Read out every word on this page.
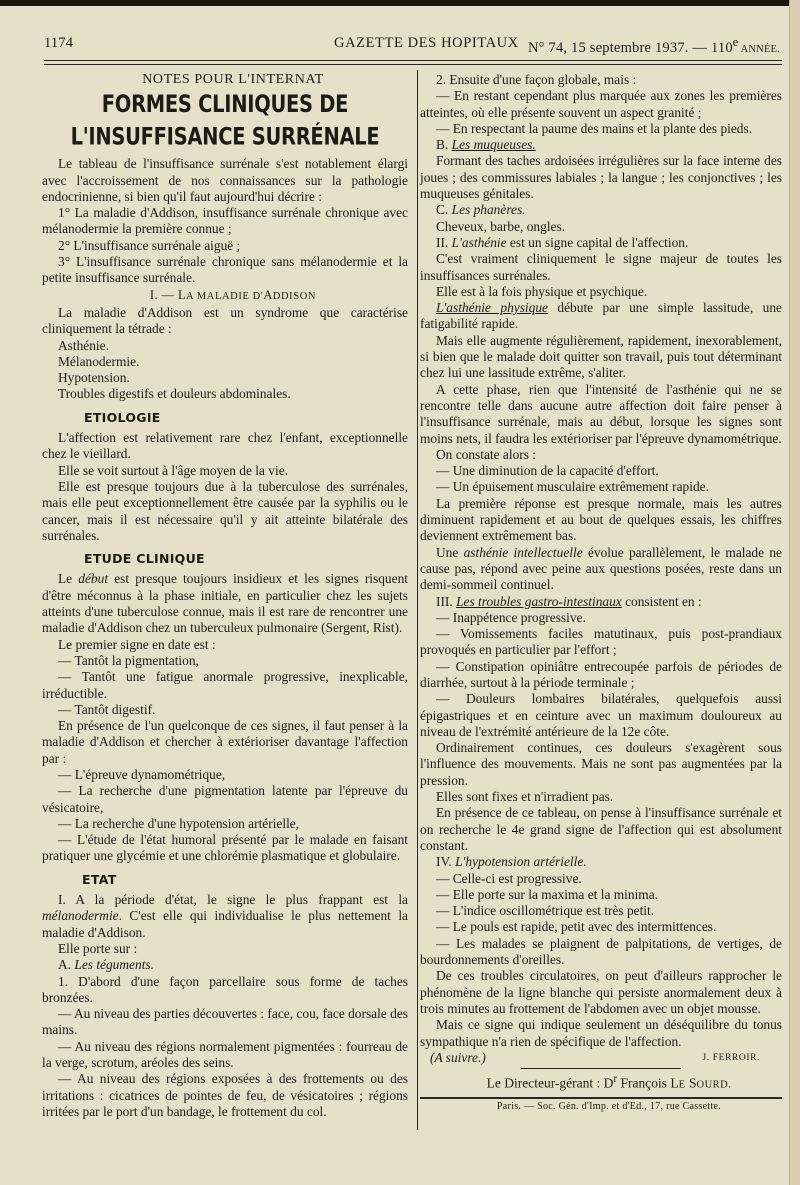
1174	GAZETTE DES HOPITAUX N° 74, 15 septembre 1937. — 110e ANNÉE.

NOTES POUR L'INTERNAT

FORMES CLINIQUES DE L'INSUFFISANCE SURRÉNALE

Le tableau de l'insuffisance surrénale s'est notablement élargi avec l'accroissement de nos connaissances sur la pathologie endocrinienne, si bien qu'il faut aujourd'hui décrire :

1° La maladie d'Addison, insuffisance surrénale chronique avec mélanodermie la première connue ;

2° L'insuffisance surrénale aiguë ;

3° L'insuffisance surrénale chronique sans mélanodermie et la petite insuffisance surrénale.

I. — LA MALADIE D'ADDISON

La maladie d'Addison est un syndrome que caractérise cliniquement la tétrade :

Asthénie.

Mélanodermie.

Hypotension.

Troubles digestifs et douleurs abdominales.

ETIOLOGIE

L'affection est relativement rare chez l'enfant, exceptionnelle chez le vieillard.

Elle se voit surtout à l'âge moyen de la vie.

Elle est presque toujours due à la tuberculose des surrénales, mais elle peut exceptionnellement être causée par la syphilis ou le cancer, mais il est nécessaire qu'il y ait atteinte bilatérale des surrénales.

ETUDE CLINIQUE

Le début est presque toujours insidieux et les signes risquent d'être méconnus à la phase initiale, en particulier chez les sujets atteints d'une tuberculose connue, mais il est rare de rencontrer une maladie d'Addison chez un tuberculeux pulmonaire (Sergent, Rist).

Le premier signe en date est :

— Tantôt la pigmentation,

— Tantôt une fatigue anormale progressive, inexplicable, irréductible.

— Tantôt digestif.

En présence de l'un quelconque de ces signes, il faut penser à la maladie d'Addison et chercher à extérioriser davantage l'affection par :

— L'épreuve dynamométrique,

— La recherche d'une pigmentation latente par l'épreuve du vésicatoire,

— La recherche d'une hypotension artérielle,

— L'étude de l'état humoral présenté par le malade en faisant pratiquer une glycémie et une chlorémie plasmatique et globulaire.

ETAT

I. A la période d'état, le signe le plus frappant est la mélanodermie. C'est elle qui individualise le plus nettement la maladie d'Addison.

Elle porte sur :

A. Les téguments.

1. D'abord d'une façon parcellaire sous forme de taches bronzées.

— Au niveau des parties découvertes : face, cou, face dorsale des mains.

— Au niveau des régions normalement pigmentées : fourreau de la verge, scrotum, aréoles des seins.

— Au niveau des régions exposées à des frottements ou des irritations : cicatrices de pointes de feu, de vésicatoires ; régions irritées par le port d'un bandage, le frottement du col.

2. Ensuite d'une façon globale, mais :

— En restant cependant plus marquée aux zones les premières atteintes, où elle présente souvent un aspect granité ;

— En respectant la paume des mains et la plante des pieds.

B. Les muqueuses.

Formant des taches ardoisées irrégulières sur la face interne des joues ; des commissures labiales ; la langue ; les conjonctives ; les muqueuses génitales.

C. Les phanères.

Cheveux, barbe, ongles.

II. L'asthénie est un signe capital de l'affection.

C'est vraiment cliniquement le signe majeur de toutes les insuffisances surrénales.

Elle est à la fois physique et psychique.

L'asthénie physique débute par une simple lassitude, une fatigabilité rapide.

Mais elle augmente régulièrement, rapidement, inexorablement, si bien que le malade doit quitter son travail, puis tout déterminant chez lui une lassitude extrême, s'aliter.

A cette phase, rien que l'intensité de l'asthénie qui ne se rencontre telle dans aucune autre affection doit faire penser à l'insuffisance surrénale, mais au début, lorsque les signes sont moins nets, il faudra les extérioriser par l'épreuve dynamométrique.

On constate alors :

— Une diminution de la capacité d'effort.

— Un épuisement musculaire extrêmement rapide.

La première réponse est presque normale, mais les autres diminuent rapidement et au bout de quelques essais, les chiffres deviennent extrêmement bas.

Une asthénie intellectuelle évolue parallèlement, le malade ne cause pas, répond avec peine aux questions posées, reste dans un demi-sommeil continuel.

III. Les troubles gastro-intestinaux consistent en :

— Inappétence progressive.

— Vomissements faciles matutinaux, puis post-prandiaux provoqués en particulier par l'effort ;

— Constipation opiniâtre entrecoupée parfois de périodes de diarrhée, surtout à la période terminale ;

— Douleurs lombaires bilatérales, quelquefois aussi épigastriques et en ceinture avec un maximum douloureux au niveau de l'extrémité antérieure de la 12e côte.

Ordinairement continues, ces douleurs s'exagèrent sous l'influence des mouvements. Mais ne sont pas augmentées par la pression.

Elles sont fixes et n'irradient pas.

En présence de ce tableau, on pense à l'insuffisance surrénale et on recherche le 4e grand signe de l'affection qui est absolument constant.

IV. L'hypotension artérielle.

— Celle-ci est progressive.

— Elle porte sur la maxima et la minima.

— L'indice oscillométrique est très petit.

— Le pouls est rapide, petit avec des intermittences.

— Les malades se plaignent de palpitations, de vertiges, de bourdonnements d'oreilles.

De ces troubles circulatoires, on peut d'ailleurs rapprocher le phénomène de la ligne blanche qui persiste anormalement deux à trois minutes au frottement de l'abdomen avec un objet mousse.

Mais ce signe qui indique seulement un déséquilibre du tonus sympathique n'a rien de spécifique de l'affection.

(A suivre.)	J. FERROIR.

Le Directeur-gérant : $D^r$ François LE SOURD.

Paris. — Soc. Gén. d'Imp. et d'Ed., 17, rue Cassette.
